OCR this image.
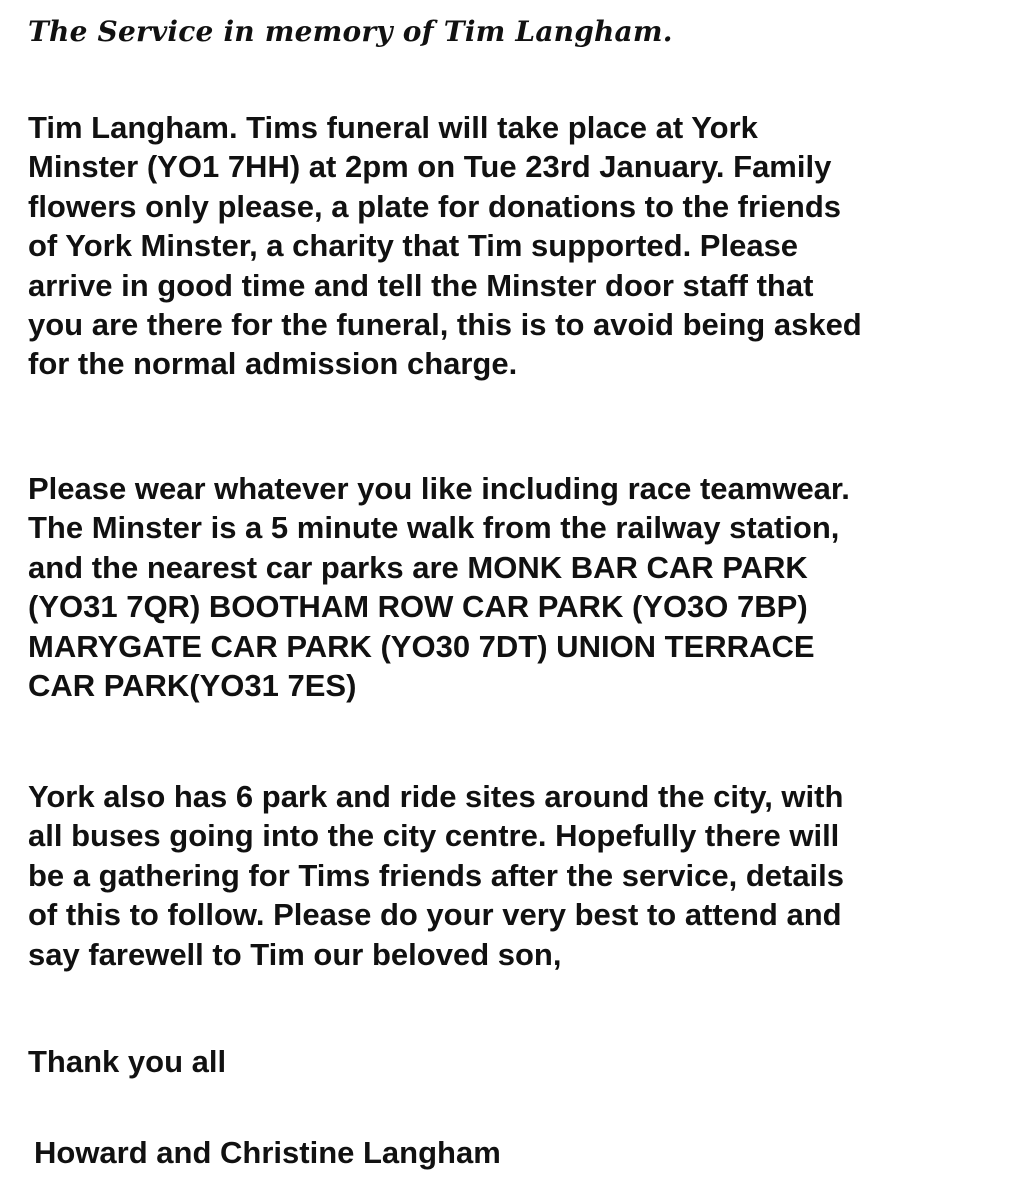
The Service in memory of Tim Langham.

Tim Langham. Tims funeral will take place at York
Minster (YO1 7HH) at 2pm on Tue 23rd January. Family
flowers only please, a plate for donations to the friends
of York Minster, a charity that Tim supported. Please
arrive in good time and tell the Minster door staff that
you are there for the funeral, this is to avoid being asked
for the normal admission charge.

Please wear whatever you like including race teamwear.
The Minster is a 5 minute walk from the railway station,
and the nearest car parks are MONK BAR CAR PARK
(YO31 7QR) BOOTHAM ROW CAR PARK (YO3O 7BP)
MARYGATE CAR PARK (YO30 7DT) UNION TERRACE
CAR PARK(YO31 7ES)

York also has 6 park and ride sites around the city, with
all buses going into the city centre. Hopefully there will
be a gathering for Tims friends after the service, details
of this to follow. Please do your very best to attend and
say farewell to Tim our beloved son,

Thank you all

Howard and Christine Langham
